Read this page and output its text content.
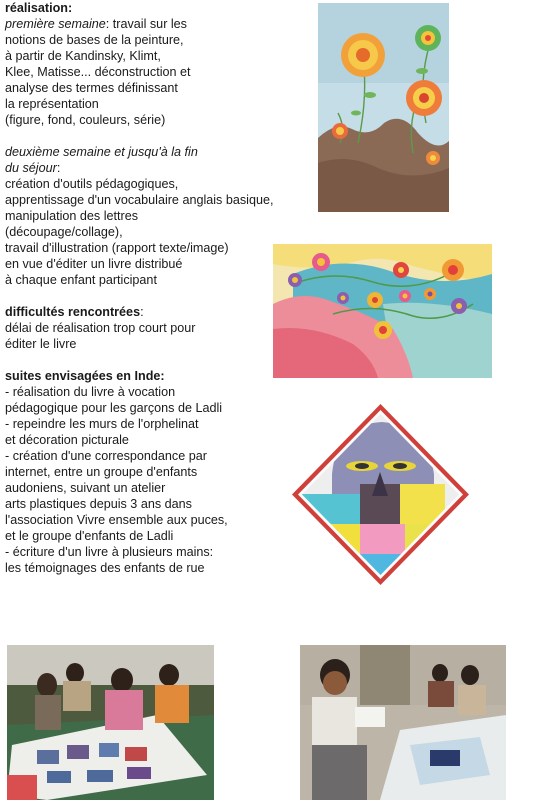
réalisation:

première semaine: travail sur les

notions de bases de la peinture,

à partir de Kandinsky, Klimt,

Klee, Matisse... déconstruction et

analyse des termes définissant

la représentation

(figure, fond, couleurs, série)

deuxième semaine et jusqu'à la fin

du séjour:

création d'outils pédagogiques,

apprentissage d'un vocabulaire anglais basique,

manipulation des lettres

(découpage/collage),

travail d'illustration (rapport texte/image)

en vue d'éditer un livre distribué

à chaque enfant participant

difficultés rencontrées:

délai de réalisation trop court pour

éditer le livre

suites envisagées en Inde:

- réalisation du livre à vocation

pédagogique pour les garçons de Ladli

- repeindre les murs de l'orphelinat

et décoration picturale

- création d'une correspondance par

internet, entre un groupe d'enfants

audoniens, suivant un atelier

arts plastiques depuis 3 ans dans

l'association Vivre ensemble aux puces,

et le groupe d'enfants de Ladli

- écriture d'un livre à plusieurs mains:

les témoignages des enfants de rue
